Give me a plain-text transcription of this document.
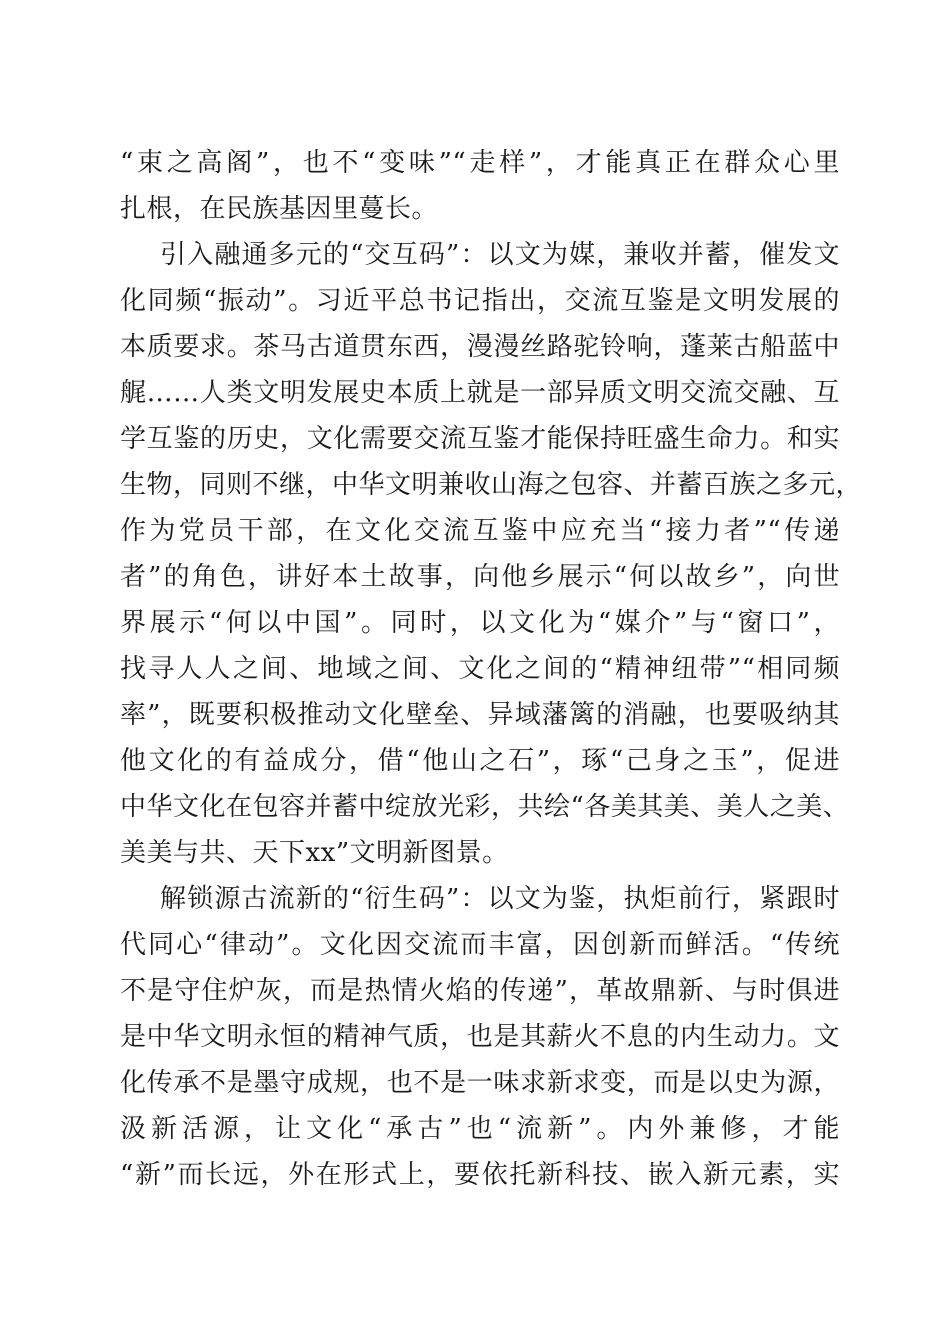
“束之高阁”，也不“变味”“走样”，才能真正在群众心里
扎根，在民族基因里蔓长。
引入融通多元的“交互码”：以文为媒，兼收并蓄，催发文
化同频“振动”。习近平总书记指出，交流互鉴是文明发展的
本质要求。茶马古道贯东西，漫漫丝路驼铃响，蓬莱古船蓝中
艉……人类文明发展史本质上就是一部异质文明交流交融、互
学互鉴的历史，文化需要交流互鉴才能保持旺盛生命力。和实
生物，同则不继，中华文明兼收山海之包容、并蓄百族之多元，
作为党员干部，在文化交流互鉴中应充当“接力者”“传递
者”的角色，讲好本土故事，向他乡展示“何以故乡”，向世
界展示“何以中国”。同时，以文化为“媒介”与“窗口”，
找寻人人之间、地域之间、文化之间的“精神纽带”“相同频
率”，既要积极推动文化壁垒、异域藩篱的消融，也要吸纳其
他文化的有益成分，借“他山之石”，琢“己身之玉”，促进
中华文化在包容并蓄中绽放光彩，共绘“各美其美、美人之美、
美美与共、天下xx”文明新图景。
解锁源古流新的“衍生码”：以文为鉴，执炬前行，紧跟时
代同心“律动”。文化因交流而丰富，因创新而鲜活。“传统
不是守住炉灰，而是热情火焰的传递”，革故鼎新、与时俱进
是中华文明永恒的精神气质，也是其薪火不息的内生动力。文
化传承不是墨守成规，也不是一味求新求变，而是以史为源，
汲新活源，让文化“承古”也“流新”。内外兼修，才能
“新”而长远，外在形式上，要依托新科技、嵌入新元素，实
